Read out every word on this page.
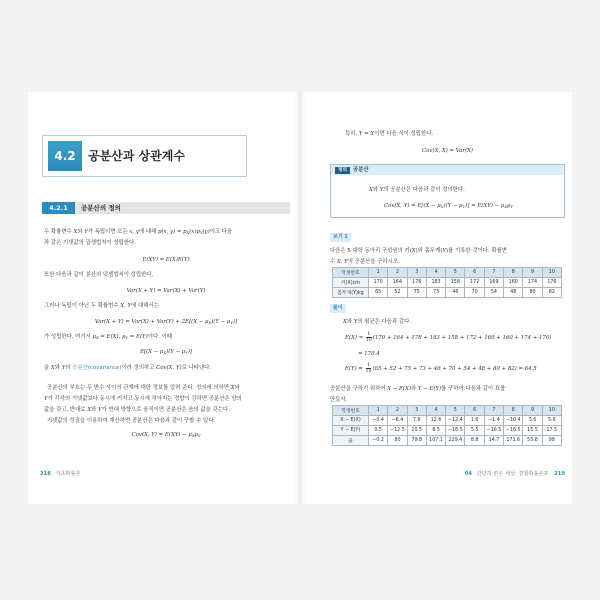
4.2	공분산과 상관계수
4.2.1	공분산의 정의
두 확률변수 X와 Y가 독립이면 모든 x, y에 대해 p(x, $y) = p_X(x)p_Y(y)$이고 다음
과 같은 기댓값의 곱셈법칙이 성립한다.
E(XY) = E(X)E(Y)
또한 다음과 같이 분산의 덧셈법칙이 성립한다.
Var(X + Y) = Var(X) + Var(Y)
그러나 독립이 아닌 두 확률변수 X, Y에 대해서는
$Var(X + Y) = Var(X) + Var(Y) + 2E[(X - \mu_X)(Y - \mu_Y)]$
가 성립한다. 여기서 $\mu_X = E(X)$, $\mu_Y = E(Y)$이다. 이때
$E[(X - \mu_X)(Y - \mu_Y)]$
을 X와 Y의 공분산(covariance)이라 정의하고 Cov(X, Y)로 나타낸다.
공분산의 부호는 두 변수 사이의 관계에 대한 정보를 알려 준다. 정의에 의하면 X와
Y가 각각의 기댓값보다 동시에 커지고 동시에 작아지는 경향이 강하면 공분산은 양의
값을 갖고, 반대로 X와 Y가 반대 방향으로 움직이면 공분산은 음의 값을 갖는다.
기댓값의 성질을 이용하여 계산하면 공분산은 다음과 같이 구할 수 있다.
Cov(X, $Y) = E(XY) - \mu_X\mu_Y$
218 기초확률론
특히, Y = X이면 다음 식이 성립한다.
Cov(X, X) = Var(X)
정의	공분산
X와 Y의 공분산은 다음과 같이 정의한다.
Cov(X, $Y) = E[(X - \mu_X)(Y - \mu_Y)] = E(XY) - \mu_X\mu_Y$
보기 1
다음은 5 대학 동아리 구성원의 키(X)와 몸무게(Y)를 기록한 것이다. 확률변
수 X, Y의 공분산을 구하시오.
학생번호	1	2	3	4	5	6	7	8	9	10
키(X)cm	170	164	178	183	158	172	169	160	174	176
몸무게(Y)kg	65	52	75	73	46	70	54	48	80	82
풀이
X와 Y의 평균은 다음과 같다.
$E(X) = \frac{1}{10} (170 + 164 + 178 + 183 + 158 + 172 + 169 + 160 + 174 + 176)$
= 170.4
$E(Y) = \frac{1}{10} (65 + 52 + 75 + 73 + 46 + 70 + 54 + 48 + 80 + 82) = 64.5$
공분산을 구하기 위하여 X − E(X)와 Y − E(Y)를 구하여 다음과 같이 표를
만들자.
학생번호	1	2	3	4	5	6	7	8	9	10
X − E(X)	−0.4	−6.4	7.6	12.6	−12.4	1.6	−1.4	−10.4	3.6	5.6
Y − E(Y)	0.5	−12.5	10.5	8.5	−18.5	5.5	−10.5	−16.5	15.5	17.5
곱	−0.2	80	79.8	107.1	229.4	8.8	14.7	171.6	55.8	98
04 간단히 얽은 세상: 결합확률분포 219
